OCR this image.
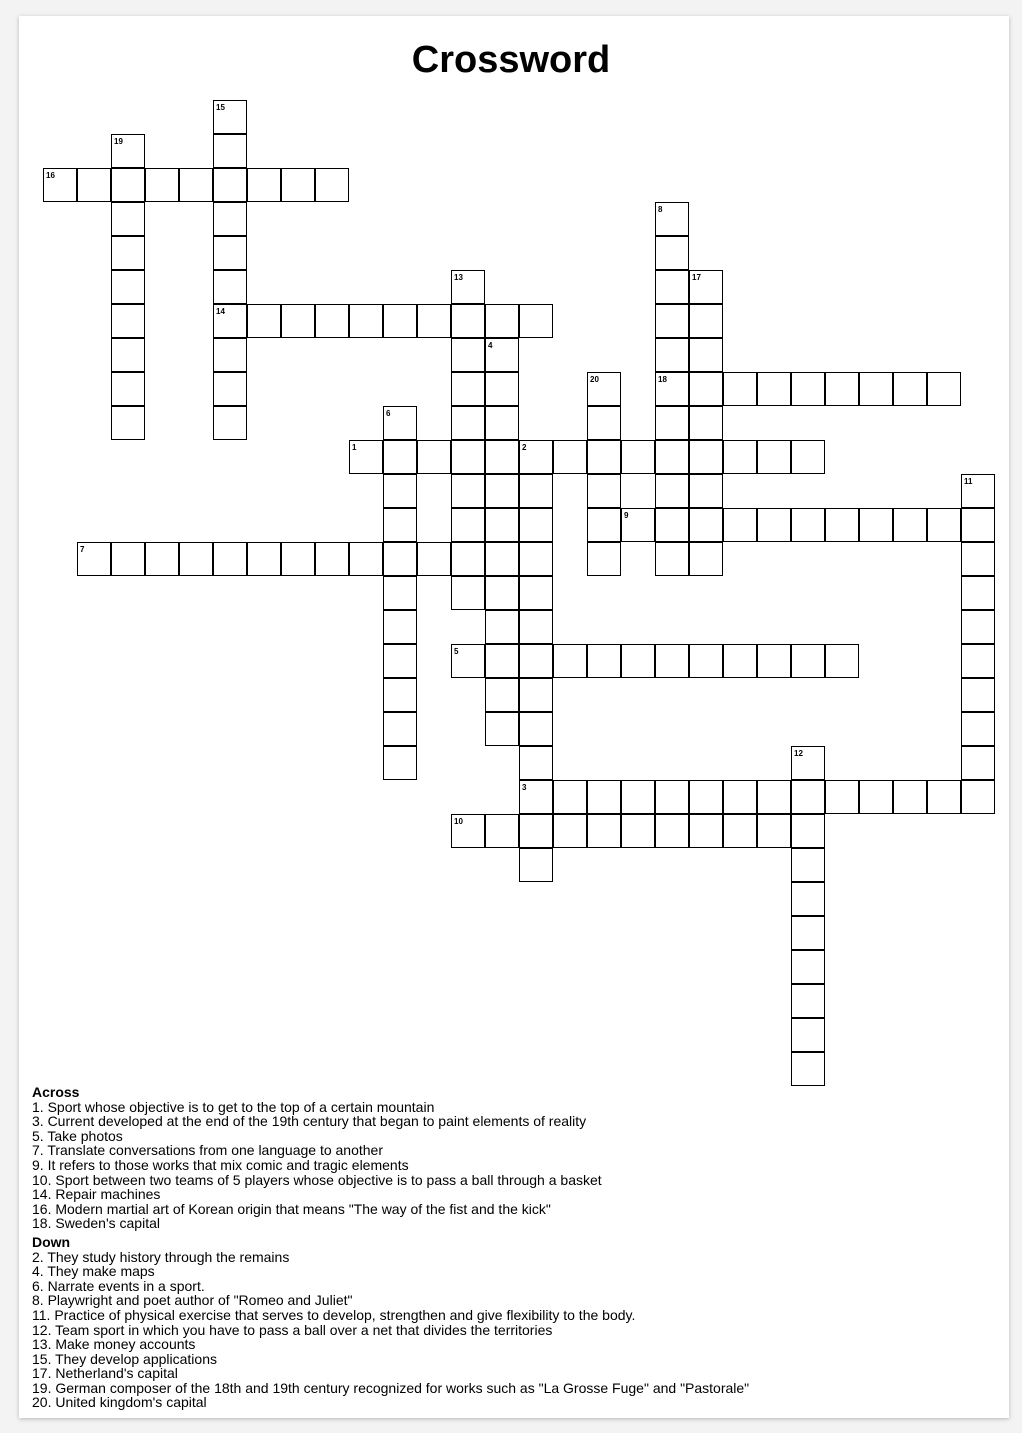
Crossword
1
3
5
7
9
10
14
16
18
2
4
6
8
11
12
13
15
17
19
20
Across
1. Sport whose objective is to get to the top of a certain mountain
3. Current developed at the end of the 19th century that began to paint elements of reality
5. Take photos
7. Translate conversations from one language to another
9. It refers to those works that mix comic and tragic elements
10. Sport between two teams of 5 players whose objective is to pass a ball through a basket
14. Repair machines
16. Modern martial art of Korean origin that means "The way of the fist and the kick"
18. Sweden's capital
Down
2. They study history through the remains
4. They make maps
6. Narrate events in a sport.
8. Playwright and poet author of "Romeo and Juliet"
11. Practice of physical exercise that serves to develop, strengthen and give flexibility to the body.
12. Team sport in which you have to pass a ball over a net that divides the territories
13. Make money accounts
15. They develop applications
17. Netherland's capital
19. German composer of the 18th and 19th century recognized for works such as "La Grosse Fuge" and "Pastorale"
20. United kingdom's capital
